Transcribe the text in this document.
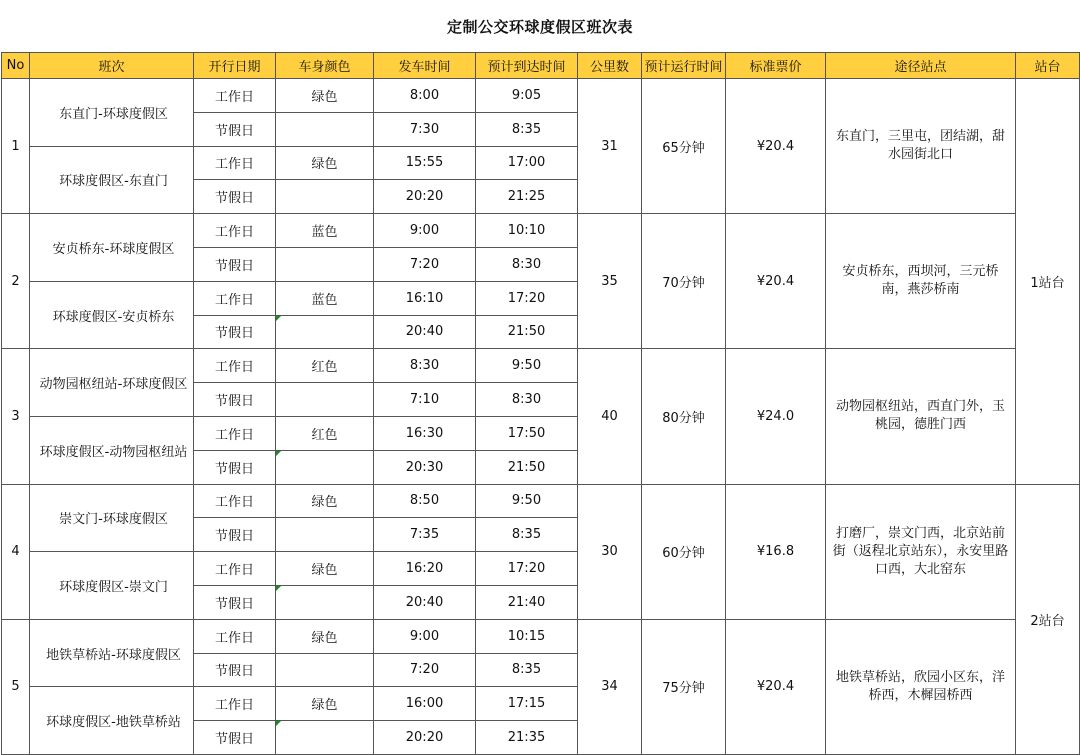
定制公交环球度假区班次表
No	班次	开行日期	车身颜色	发车时间	预计到达时间	公里数	预计运行时间	标准票价	途径站点	站台
1	东直门-环球度假区	工作日	绿色	8:00	9:05	31	65分钟	¥20.4	东直门，三里屯，团结湖，甜水园街北口	1站台
		节假日		7:30	8:35					
	环球度假区-东直门	工作日	绿色	15:55	17:00					
		节假日		20:20	21:25					
2	安贞桥东-环球度假区	工作日	蓝色	9:00	10:10	35	70分钟	¥20.4	安贞桥东，西坝河，三元桥南，燕莎桥南	
		节假日		7:20	8:30					
	环球度假区-安贞桥东	工作日	蓝色	16:10	17:20					
		节假日		20:40	21:50					
3	动物园枢纽站-环球度假区	工作日	红色	8:30	9:50	40	80分钟	¥24.0	动物园枢纽站，西直门外，玉桃园，德胜门西	
		节假日		7:10	8:30					
	环球度假区-动物园枢纽站	工作日	红色	16:30	17:50					
		节假日		20:30	21:50					
4	崇文门-环球度假区	工作日	绿色	8:50	9:50	30	60分钟	¥16.8	打磨厂，崇文门西，北京站前街（返程北京站东），永安里路口西，大北窑东	2站台
		节假日		7:35	8:35					
	环球度假区-崇文门	工作日	绿色	16:20	17:20					
		节假日		20:40	21:40					
5	地铁草桥站-环球度假区	工作日	绿色	9:00	10:15	34	75分钟	¥20.4	地铁草桥站，欣园小区东，洋桥西，木樨园桥西	
		节假日		7:20	8:35					
	环球度假区-地铁草桥站	工作日	绿色	16:00	17:15					
		节假日		20:20	21:35					
